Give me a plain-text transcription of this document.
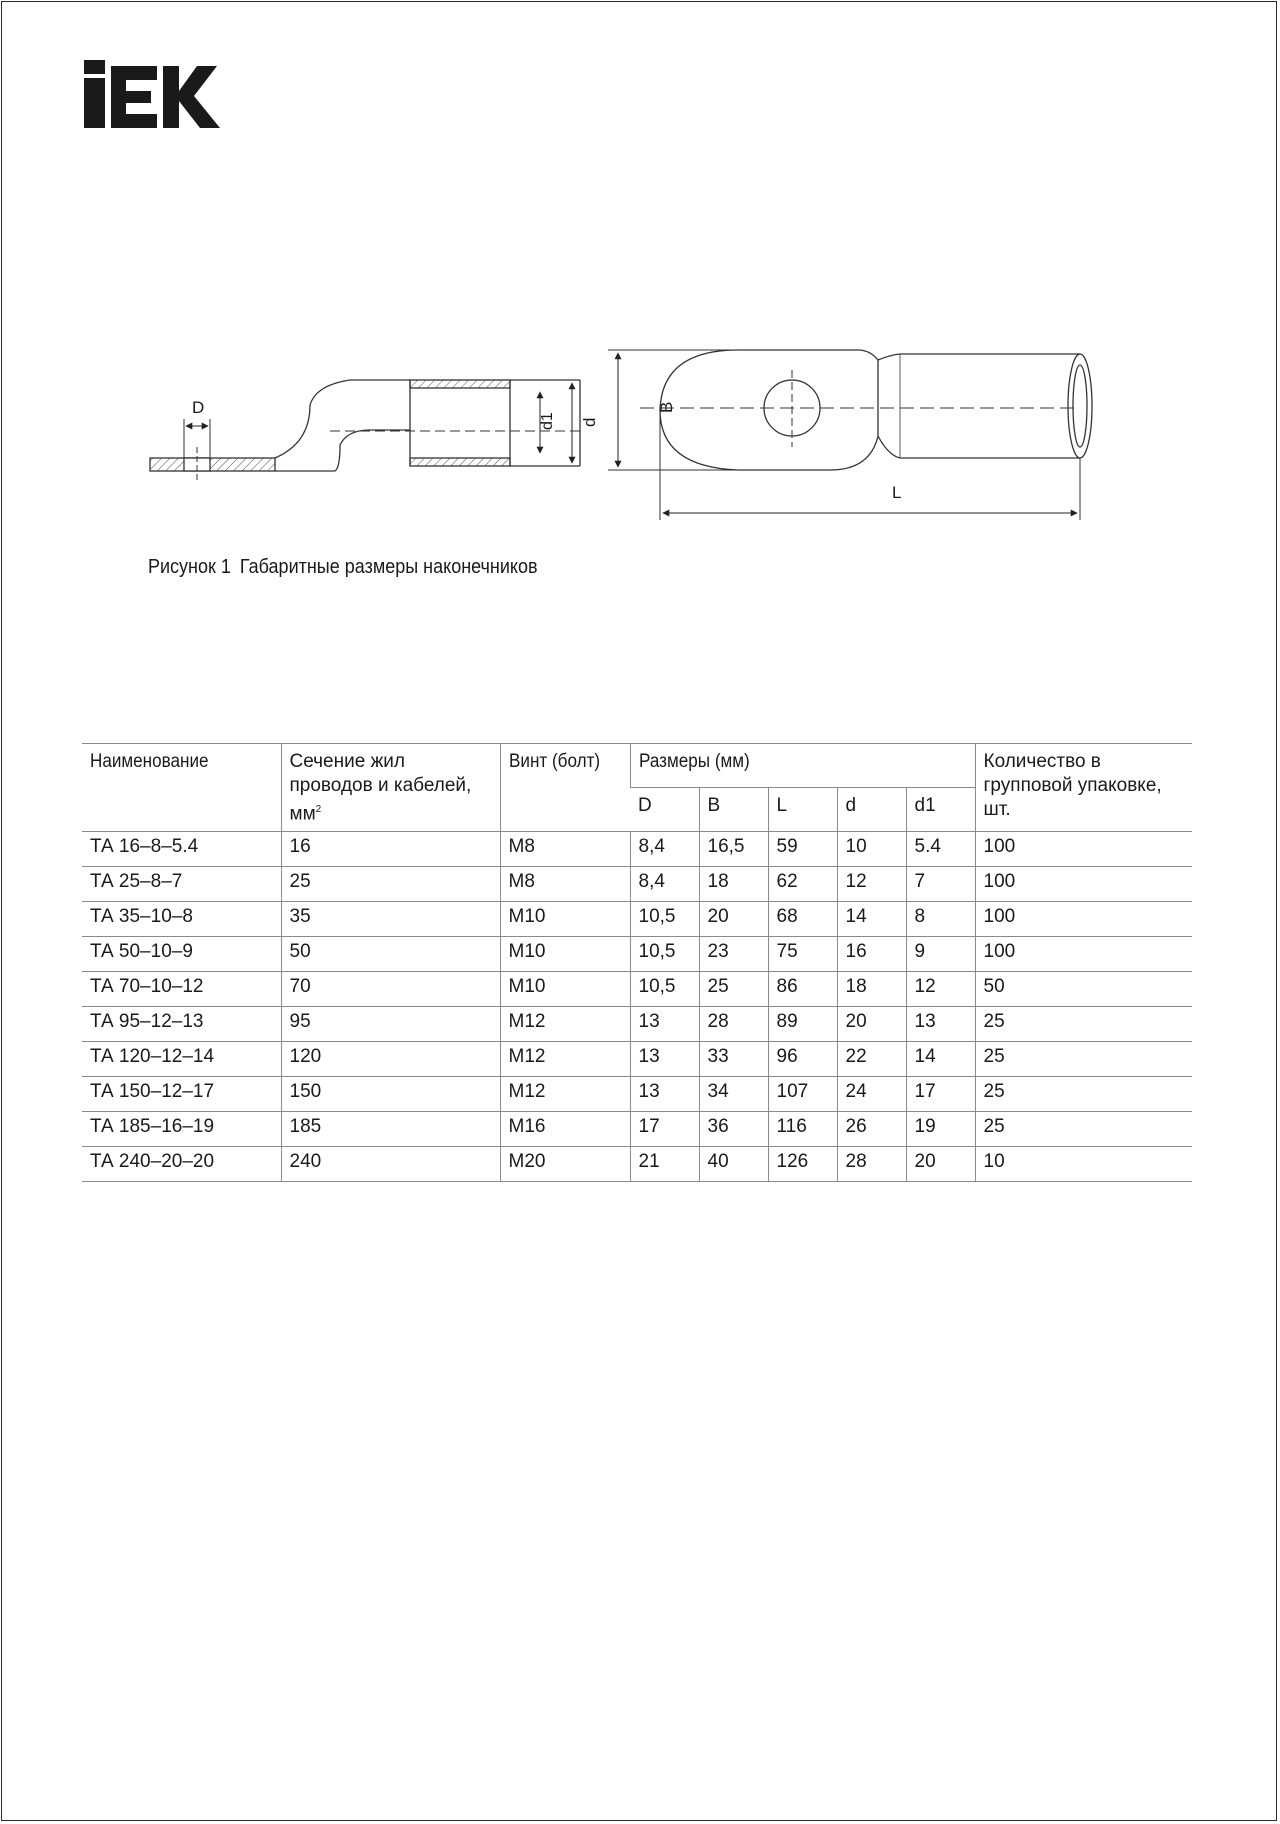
D
d1 d
B
L
Рисунок 1 Габаритные размеры наконечников
Наименование	Сечение жил проводов и кабелей, $мм^2$	Винт (болт)	Размеры (мм)					Количество в групповой упаковке, шт.
			D	B	L	d	d1	
ТА 16–8–5.4	16	М8	8,4	16,5	59	10	5.4	100
ТА 25–8–7	25	М8	8,4	18	62	12	7	100
ТА 35–10–8	35	М10	10,5	20	68	14	8	100
ТА 50–10–9	50	М10	10,5	23	75	16	9	100
ТА 70–10–12	70	М10	10,5	25	86	18	12	50
ТА 95–12–13	95	М12	13	28	89	20	13	25
ТА 120–12–14	120	М12	13	33	96	22	14	25
ТА 150–12–17	150	М12	13	34	107	24	17	25
ТА 185–16–19	185	М16	17	36	116	26	19	25
ТА 240–20–20	240	М20	21	40	126	28	20	10
